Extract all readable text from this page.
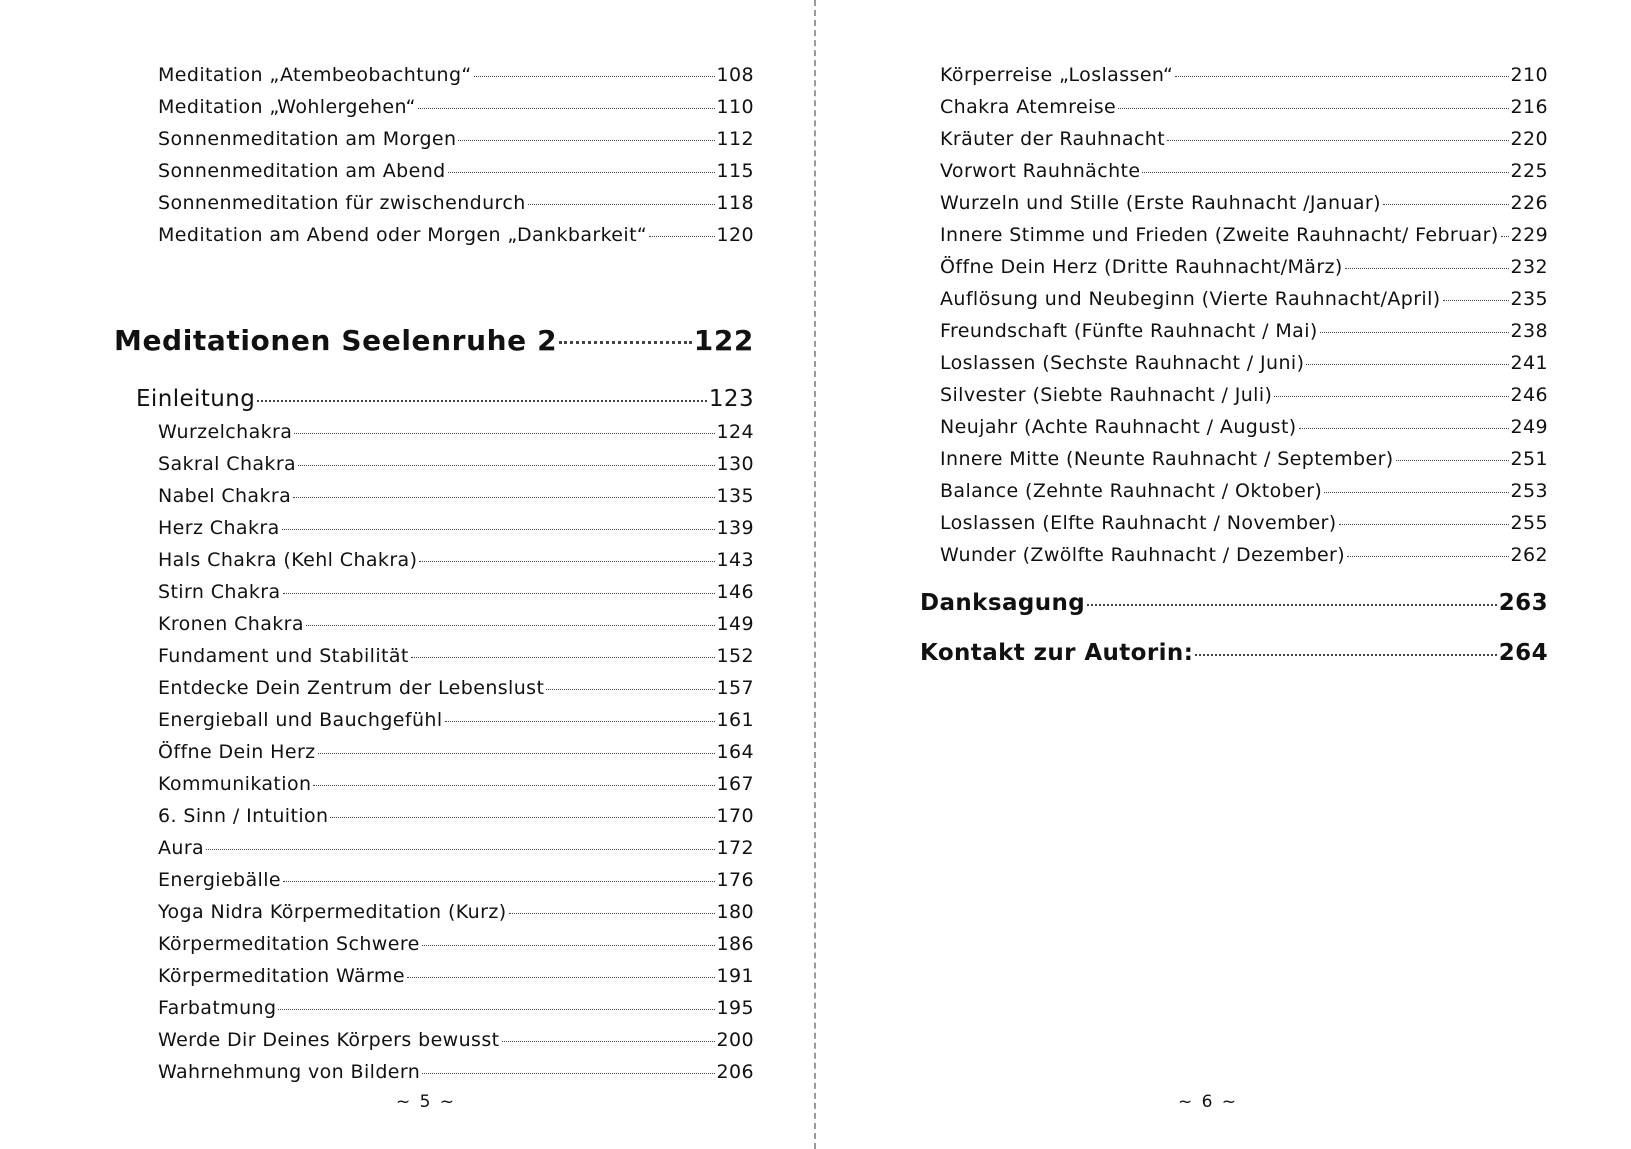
Meditation „Atembeobachtung“	108
Meditation „Wohlergehen“	110
Sonnenmeditation am Morgen	112
Sonnenmeditation am Abend	115
Sonnenmeditation für zwischendurch	118
Meditation am Abend oder Morgen „Dankbarkeit“	120
Meditationen Seelenruhe 2	122
Einleitung	123
Wurzelchakra	124
Sakral Chakra	130
Nabel Chakra	135
Herz Chakra	139
Hals Chakra (Kehl Chakra)	143
Stirn Chakra	146
Kronen Chakra	149
Fundament und Stabilität	152
Entdecke Dein Zentrum der Lebenslust	157
Energieball und Bauchgefühl	161
Öffne Dein Herz	164
Kommunikation	167
6. Sinn / Intuition	170
Aura	172
Energiebälle	176
Yoga Nidra Körpermeditation (Kurz)	180
Körpermeditation Schwere	186
Körpermeditation Wärme	191
Farbatmung	195
Werde Dir Deines Körpers bewusst	200
Wahrnehmung von Bildern	206
~ 5 ~
Körperreise „Loslassen“	210
Chakra Atemreise	216
Kräuter der Rauhnacht	220
Vorwort Rauhnächte	225
Wurzeln und Stille (Erste Rauhnacht /Januar)	226
Innere Stimme und Frieden (Zweite Rauhnacht/ Februar) 229
Öffne Dein Herz (Dritte Rauhnacht/März)	232
Auflösung und Neubeginn (Vierte Rauhnacht/April)	235
Freundschaft (Fünfte Rauhnacht / Mai)	238
Loslassen (Sechste Rauhnacht / Juni)	241
Silvester (Siebte Rauhnacht / Juli)	246
Neujahr (Achte Rauhnacht / August)	249
Innere Mitte (Neunte Rauhnacht / September)	251
Balance (Zehnte Rauhnacht / Oktober)	253
Loslassen (Elfte Rauhnacht / November)	255
Wunder (Zwölfte Rauhnacht / Dezember)	262
Danksagung	263
Kontakt zur Autorin:	264
~ 6 ~
